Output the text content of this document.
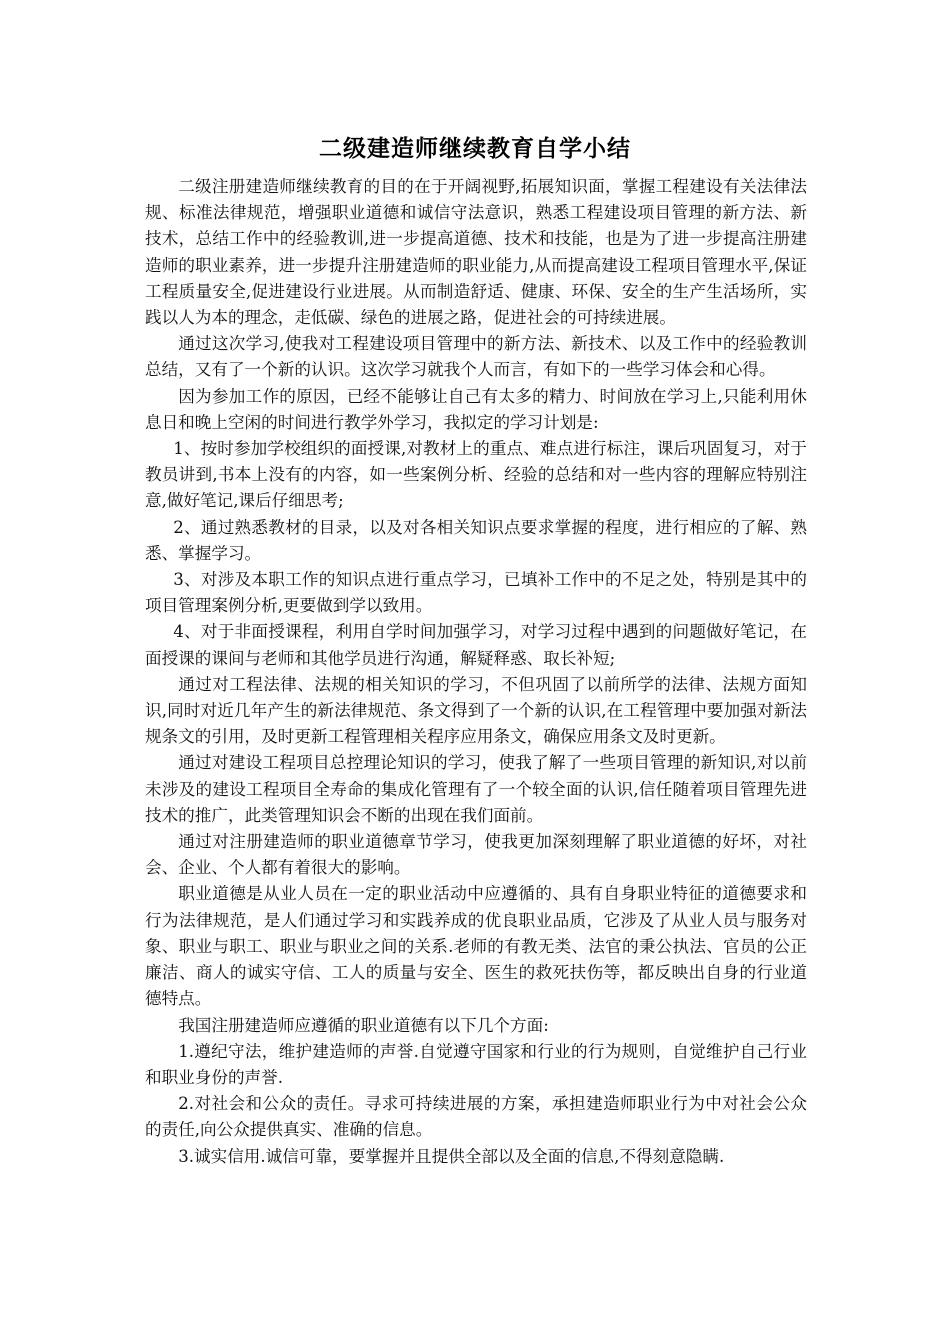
二级建造师继续教育自学小结

二级注册建造师继续教育的目的在于开阔视野,拓展知识面，掌握工程建设有关法律法规、标准法律规范，增强职业道德和诚信守法意识，熟悉工程建设项目管理的新方法、新技术，总结工作中的经验教训,进一步提高道德、技术和技能，也是为了进一步提高注册建造师的职业素养，进一步提升注册建造师的职业能力,从而提高建设工程项目管理水平,保证工程质量安全,促进建设行业进展。从而制造舒适、健康、环保、安全的生产生活场所，实践以人为本的理念，走低碳、绿色的进展之路，促进社会的可持续进展。

通过这次学习,使我对工程建设项目管理中的新方法、新技术、以及工作中的经验教训总结，又有了一个新的认识。这次学习就我个人而言，有如下的一些学习体会和心得。

因为参加工作的原因，已经不能够让自己有太多的精力、时间放在学习上,只能利用休息日和晚上空闲的时间进行教学外学习，我拟定的学习计划是:

1、按时参加学校组织的面授课,对教材上的重点、难点进行标注，课后巩固复习，对于教员讲到,书本上没有的内容，如一些案例分析、经验的总结和对一些内容的理解应特别注意,做好笔记,课后仔细思考;

2、通过熟悉教材的目录，以及对各相关知识点要求掌握的程度，进行相应的了解、熟悉、掌握学习。

3、对涉及本职工作的知识点进行重点学习，已填补工作中的不足之处，特别是其中的项目管理案例分析,更要做到学以致用。

4、对于非面授课程，利用自学时间加强学习，对学习过程中遇到的问题做好笔记，在面授课的课间与老师和其他学员进行沟通，解疑释惑、取长补短;

通过对工程法律、法规的相关知识的学习，不但巩固了以前所学的法律、法规方面知识,同时对近几年产生的新法律规范、条文得到了一个新的认识,在工程管理中要加强对新法规条文的引用，及时更新工程管理相关程序应用条文，确保应用条文及时更新。

通过对建设工程项目总控理论知识的学习，使我了解了一些项目管理的新知识,对以前未涉及的建设工程项目全寿命的集成化管理有了一个较全面的认识,信任随着项目管理先进技术的推广，此类管理知识会不断的出现在我们面前。

通过对注册建造师的职业道德章节学习，使我更加深刻理解了职业道德的好坏，对社会、企业、个人都有着很大的影响。

职业道德是从业人员在一定的职业活动中应遵循的、具有自身职业特征的道德要求和行为法律规范，是人们通过学习和实践养成的优良职业品质，它涉及了从业人员与服务对象、职业与职工、职业与职业之间的关系.老师的有教无类、法官的秉公执法、官员的公正廉洁、商人的诚实守信、工人的质量与安全、医生的救死扶伤等，都反映出自身的行业道德特点。

我国注册建造师应遵循的职业道德有以下几个方面:

1.遵纪守法，维护建造师的声誉.自觉遵守国家和行业的行为规则，自觉维护自己行业和职业身份的声誉.

2.对社会和公众的责任。寻求可持续进展的方案，承担建造师职业行为中对社会公众的责任,向公众提供真实、准确的信息。

3.诚实信用.诚信可靠，要掌握并且提供全部以及全面的信息,不得刻意隐瞒.
